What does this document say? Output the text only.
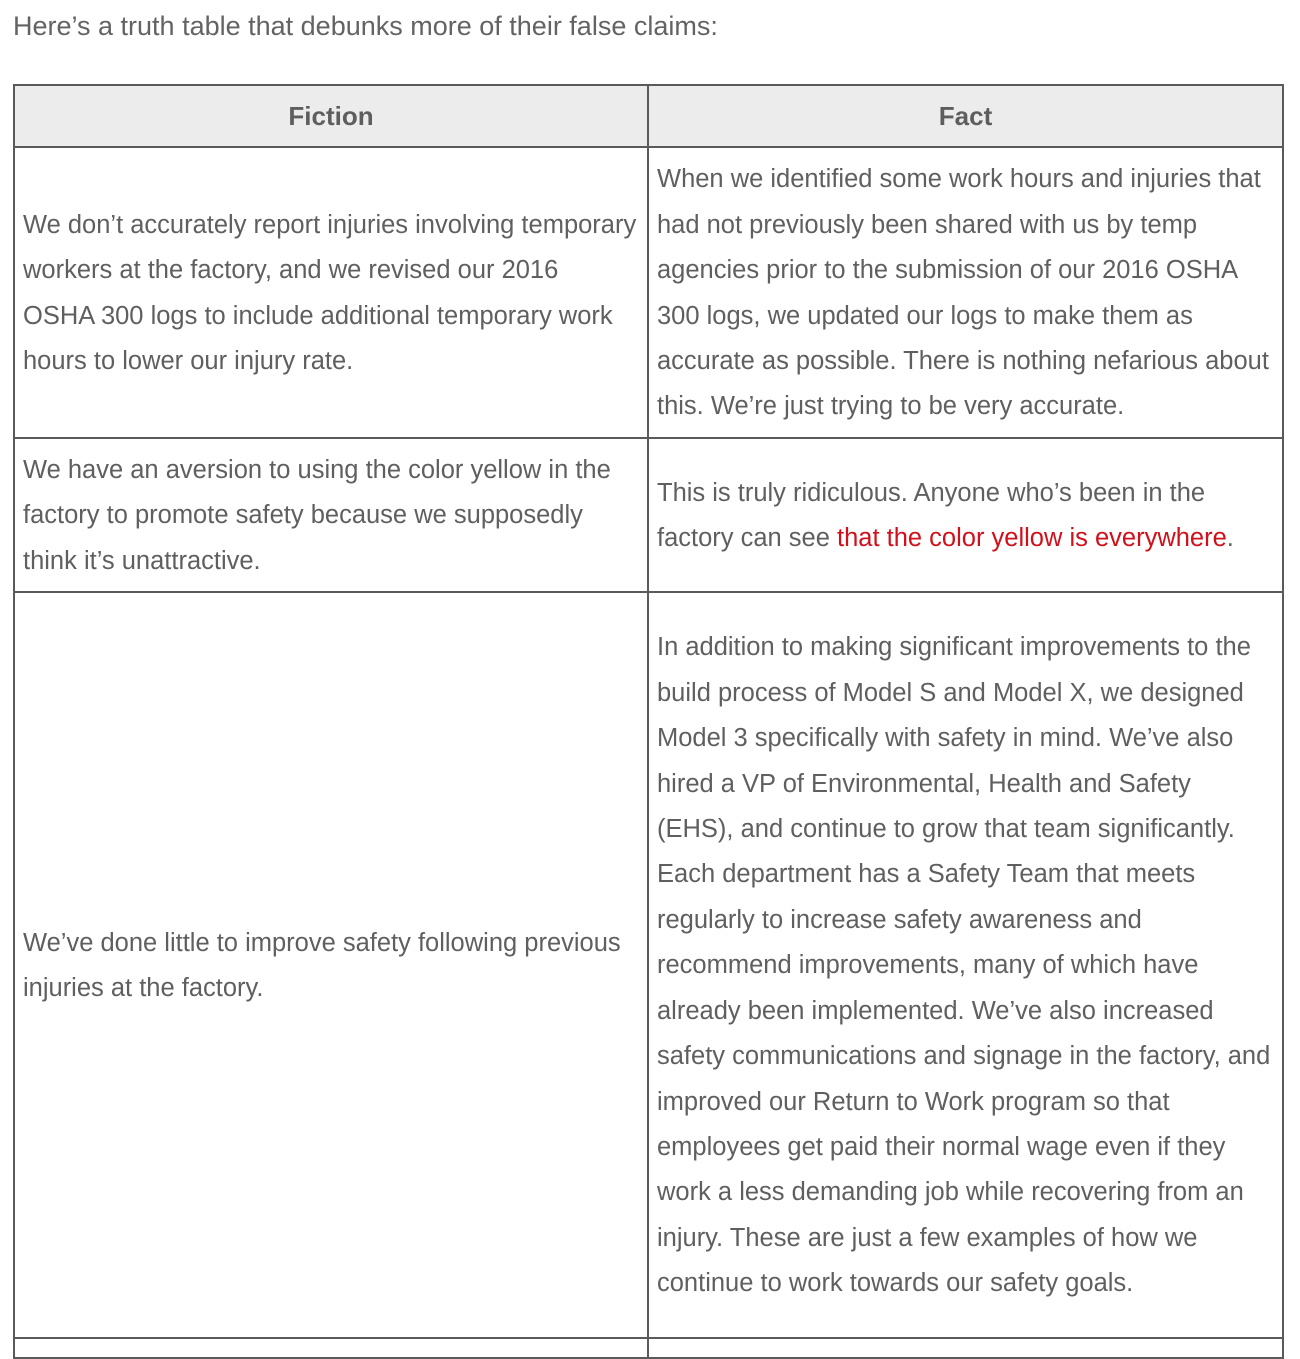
Here’s a truth table that debunks more of their false claims:

Fiction	Fact
We don’t accurately report injuries involving temporary workers at the factory, and we revised our 2016 OSHA 300 logs to include additional temporary work hours to lower our injury rate.	When we identified some work hours and injuries that had not previously been shared with us by temp agencies prior to the submission of our 2016 OSHA 300 logs, we updated our logs to make them as accurate as possible. There is nothing nefarious about this. We’re just trying to be very accurate.
We have an aversion to using the color yellow in the factory to promote safety because we supposedly think it’s unattractive.	This is truly ridiculous. Anyone who’s been in the factory can see that the color yellow is everywhere.
We’ve done little to improve safety following previous injuries at the factory.	In addition to making significant improvements to the build process of Model S and Model X, we designed Model 3 specifically with safety in mind. We’ve also hired a VP of Environmental, Health and Safety (EHS), and continue to grow that team significantly. Each department has a Safety Team that meets regularly to increase safety awareness and recommend improvements, many of which have already been implemented. We’ve also increased safety communications and signage in the factory, and improved our Return to Work program so that employees get paid their normal wage even if they work a less demanding job while recovering from an injury. These are just a few examples of how we continue to work towards our safety goals.
